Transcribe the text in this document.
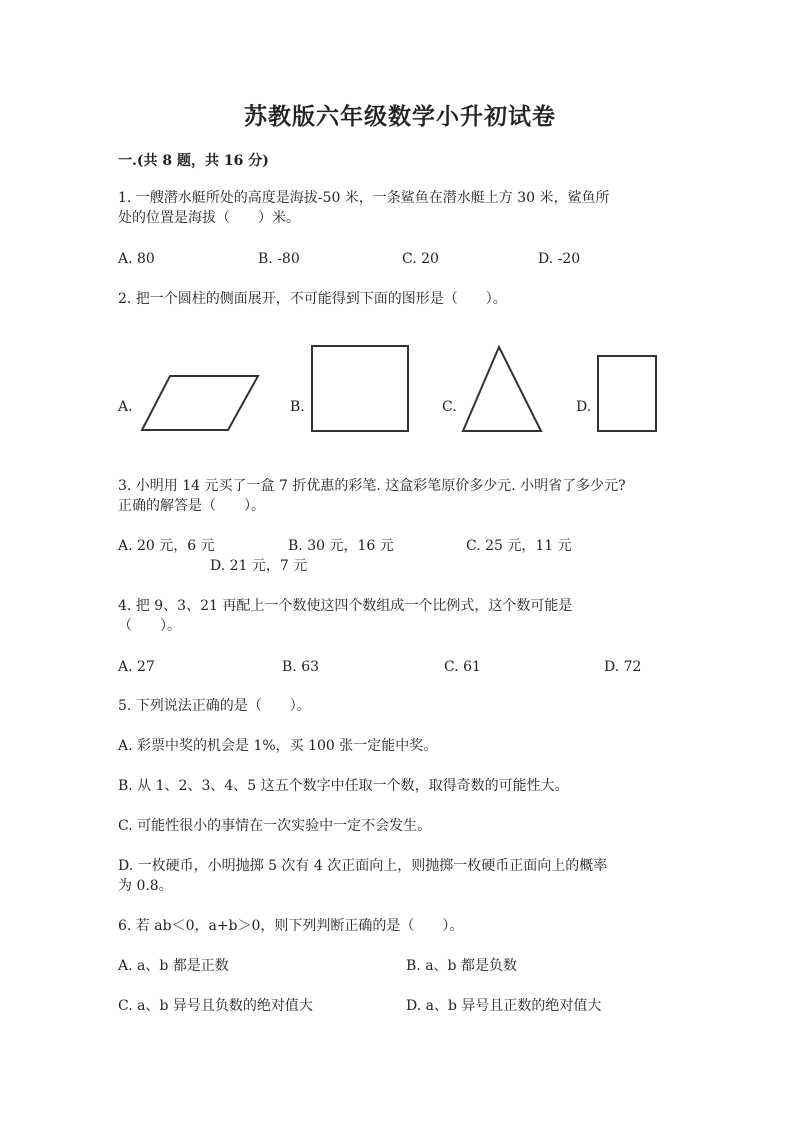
苏教版六年级数学小升初试卷
一.(共 8 题，共 16 分)
1. 一艘潜水艇所处的高度是海拔-50 米，一条鲨鱼在潜水艇上方 30 米，鲨鱼所
处的位置是海拔（　　）米。
A. 80	B. -80	C. 20	D. -20
2. 把一个圆柱的侧面展开，不可能得到下面的图形是（　　）。
A.	B.	C.	D.
3. 小明用 14 元买了一盒 7 折优惠的彩笔. 这盒彩笔原价多少元. 小明省了多少元?
正确的解答是（　　）。
A. 20 元，6 元	B. 30 元，16 元	C. 25 元，11 元
D. 21 元，7 元
4. 把 9、3、21 再配上一个数使这四个数组成一个比例式，这个数可能是
（　　）。
A. 27	B. 63	C. 61	D. 72
5. 下列说法正确的是（　　）。
A. 彩票中奖的机会是 1%，买 100 张一定能中奖。
B. 从 1、2、3、4、5 这五个数字中任取一个数，取得奇数的可能性大。
C. 可能性很小的事情在一次实验中一定不会发生。
D. 一枚硬币，小明抛掷 5 次有 4 次正面向上，则抛掷一枚硬币正面向上的概率
为 0.8。
6. 若 ab＜0，a+b＞0，则下列判断正确的是（　　）。
A. a、b 都是正数	B. a、b 都是负数
C. a、b 异号且负数的绝对值大	D. a、b 异号且正数的绝对值大
